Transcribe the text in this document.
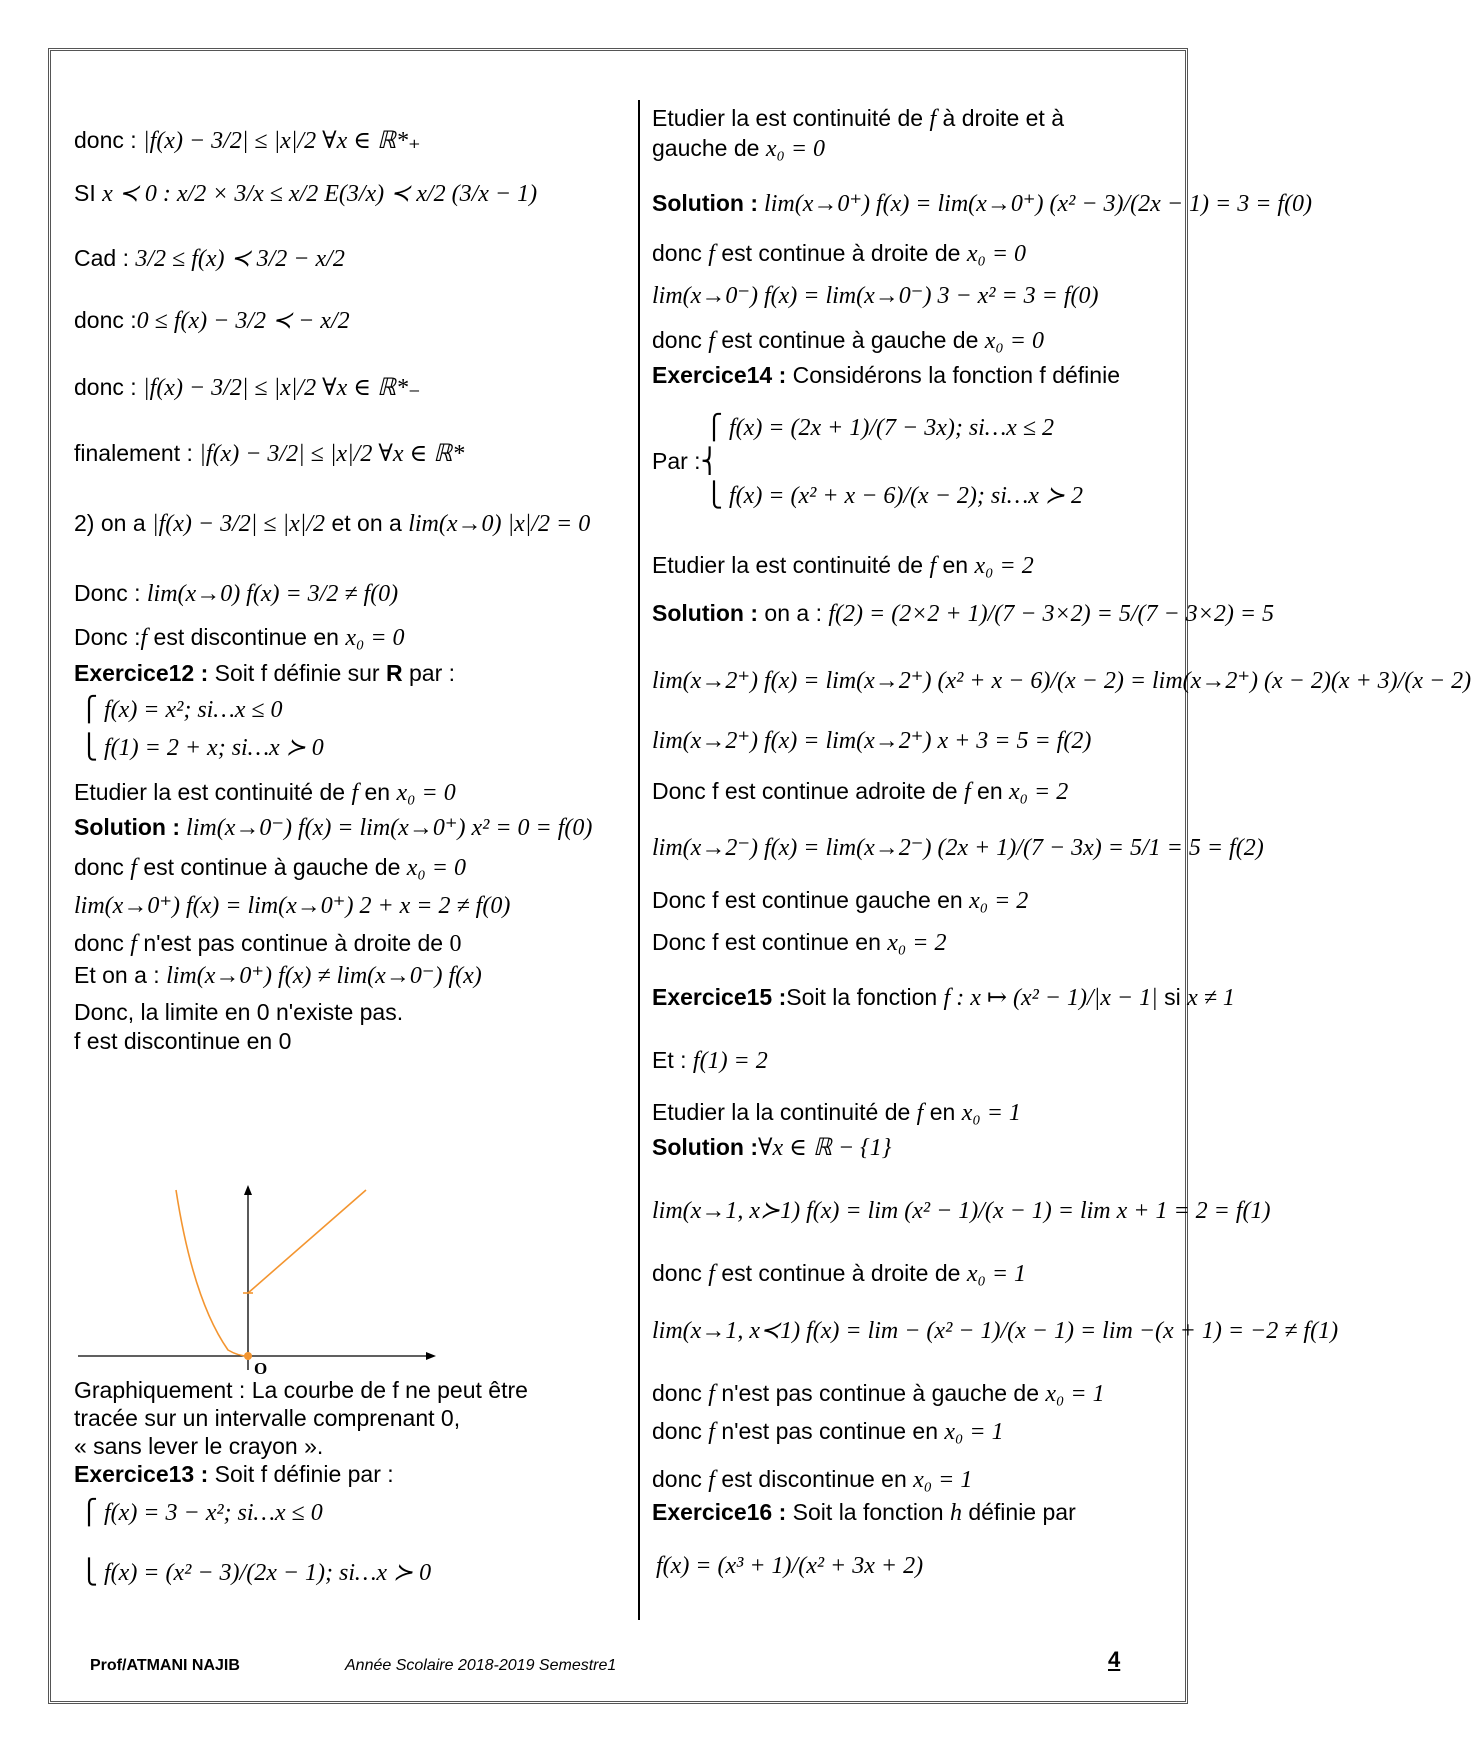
donc : |f(x) − 3/2| ≤ |x|/2 ∀x ∈ ℝ*₊
SI x ≺ 0 : x/2 × 3/x ≤ x/2 E(3/x) ≺ x/2 (3/x − 1)
Cad : 3/2 ≤ f(x) ≺ 3/2 − x/2
donc :0 ≤ f(x) − 3/2 ≺ − x/2
donc : |f(x) − 3/2| ≤ |x|/2 ∀x ∈ ℝ*₋
finalement : |f(x) − 3/2| ≤ |x|/2 ∀x ∈ ℝ*
2) on a |f(x) − 3/2| ≤ |x|/2 et on a lim(x→0) |x|/2 = 0
Donc : lim(x→0) f(x) = 3/2 ≠ f(0)
Donc :f est discontinue en x₀ = 0
Exercice12 : Soit f définie sur R par :
⎧ f(x) = x²; si…x ≤ 0
⎩ f(1) = 2 + x; si…x ≻ 0
Etudier la est continuité de f en x₀ = 0
Solution : lim(x→0⁻) f(x) = lim(x→0⁺) x² = 0 = f(0)
donc f est continue à gauche de x₀ = 0
lim(x→0⁺) f(x) = lim(x→0⁺) 2 + x = 2 ≠ f(0)
donc f n'est pas continue à droite de 0
Et on a : lim(x→0⁺) f(x) ≠ lim(x→0⁻) f(x)
Donc, la limite en 0 n'existe pas.
f est discontinue en 0
O
Graphiquement : La courbe de f ne peut être
tracée sur un intervalle comprenant 0,
« sans lever le crayon ».
Exercice13 : Soit f définie par :
⎧ f(x) = 3 − x²; si…x ≤ 0
⎩ f(x) = (x² − 3)/(2x − 1); si…x ≻ 0
Etudier la est continuité de f à droite et à
gauche de x₀ = 0
Solution : lim(x→0⁺) f(x) = lim(x→0⁺) (x² − 3)/(2x − 1) = 3 = f(0)
donc f est continue à droite de x₀ = 0
lim(x→0⁻) f(x) = lim(x→0⁻) 3 − x² = 3 = f(0)
donc f est continue à gauche de x₀ = 0
Exercice14 : Considérons la fonction f définie
⎧ f(x) = (2x + 1)/(7 − 3x); si…x ≤ 2
Par :⎨
⎩ f(x) = (x² + x − 6)/(x − 2); si…x ≻ 2
Etudier la est continuité de f en x₀ = 2
Solution : on a : f(2) = (2×2 + 1)/(7 − 3×2) = 5/(7 − 3×2) = 5
lim(x→2⁺) f(x) = lim(x→2⁺) (x² + x − 6)/(x − 2) = lim(x→2⁺) (x − 2)(x + 3)/(x − 2)
lim(x→2⁺) f(x) = lim(x→2⁺) x + 3 = 5 = f(2)
Donc f est continue adroite de f en x₀ = 2
lim(x→2⁻) f(x) = lim(x→2⁻) (2x + 1)/(7 − 3x) = 5/1 = 5 = f(2)
Donc f est continue gauche en x₀ = 2
Donc f est continue en x₀ = 2
Exercice15 :Soit la fonction f : x ↦ (x² − 1)/|x − 1| si x ≠ 1
Et : f(1) = 2
Etudier la la continuité de f en x₀ = 1
Solution :∀x ∈ ℝ − {1}
lim(x→1, x≻1) f(x) = lim (x² − 1)/(x − 1) = lim x + 1 = 2 = f(1)
donc f est continue à droite de x₀ = 1
lim(x→1, x≺1) f(x) = lim − (x² − 1)/(x − 1) = lim −(x + 1) = −2 ≠ f(1)
donc f n'est pas continue à gauche de x₀ = 1
donc f n'est pas continue en x₀ = 1
donc f est discontinue en x₀ = 1
Exercice16 : Soit la fonction h définie par
f(x) = (x³ + 1)/(x² + 3x + 2)
Prof/ATMANI NAJIB	Année Scolaire 2018-2019 Semestre1	4
